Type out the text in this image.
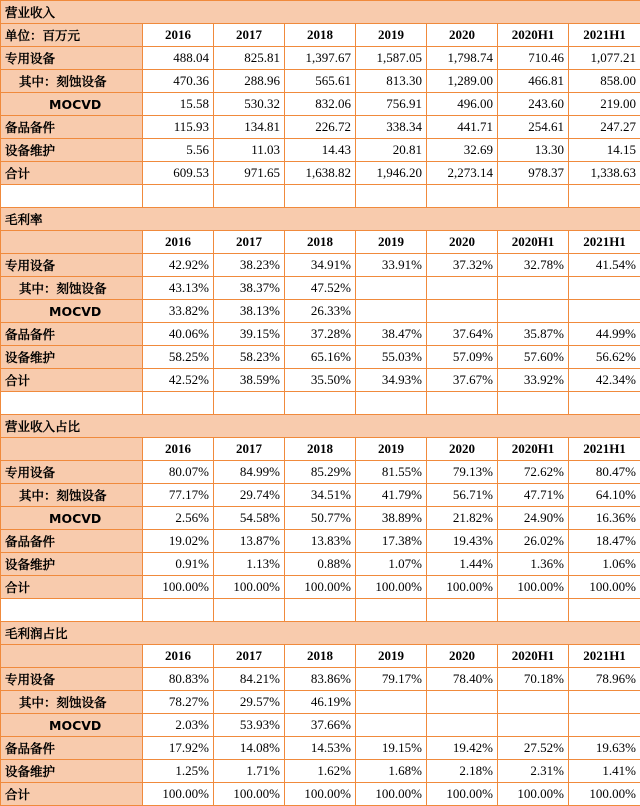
营业收入							
单位：百万元	2016	2017	2018	2019	2020	2020H1	2021H1
专用设备	488.04	825.81	1,397.67	1,587.05	1,798.74	710.46	1,077.21
其中：刻蚀设备	470.36	288.96	565.61	813.30	1,289.00	466.81	858.00
MOCVD	15.58	530.32	832.06	756.91	496.00	243.60	219.00
备品备件	115.93	134.81	226.72	338.34	441.71	254.61	247.27
设备维护	5.56	11.03	14.43	20.81	32.69	13.30	14.15
合计	609.53	971.65	1,638.82	1,946.20	2,273.14	978.37	1,338.63

毛利率							
	2016	2017	2018	2019	2020	2020H1	2021H1
专用设备	42.92%	38.23%	34.91%	33.91%	37.32%	32.78%	41.54%
其中：刻蚀设备	43.13%	38.37%	47.52%				
MOCVD	33.82%	38.13%	26.33%				
备品备件	40.06%	39.15%	37.28%	38.47%	37.64%	35.87%	44.99%
设备维护	58.25%	58.23%	65.16%	55.03%	57.09%	57.60%	56.62%
合计	42.52%	38.59%	35.50%	34.93%	37.67%	33.92%	42.34%

营业收入占比							
	2016	2017	2018	2019	2020	2020H1	2021H1
专用设备	80.07%	84.99%	85.29%	81.55%	79.13%	72.62%	80.47%
其中：刻蚀设备	77.17%	29.74%	34.51%	41.79%	56.71%	47.71%	64.10%
MOCVD	2.56%	54.58%	50.77%	38.89%	21.82%	24.90%	16.36%
备品备件	19.02%	13.87%	13.83%	17.38%	19.43%	26.02%	18.47%
设备维护	0.91%	1.13%	0.88%	1.07%	1.44%	1.36%	1.06%
合计	100.00%	100.00%	100.00%	100.00%	100.00%	100.00%	100.00%

毛利润占比							
	2016	2017	2018	2019	2020	2020H1	2021H1
专用设备	80.83%	84.21%	83.86%	79.17%	78.40%	70.18%	78.96%
其中：刻蚀设备	78.27%	29.57%	46.19%				
MOCVD	2.03%	53.93%	37.66%				
备品备件	17.92%	14.08%	14.53%	19.15%	19.42%	27.52%	19.63%
设备维护	1.25%	1.71%	1.62%	1.68%	2.18%	2.31%	1.41%
合计	100.00%	100.00%	100.00%	100.00%	100.00%	100.00%	100.00%
